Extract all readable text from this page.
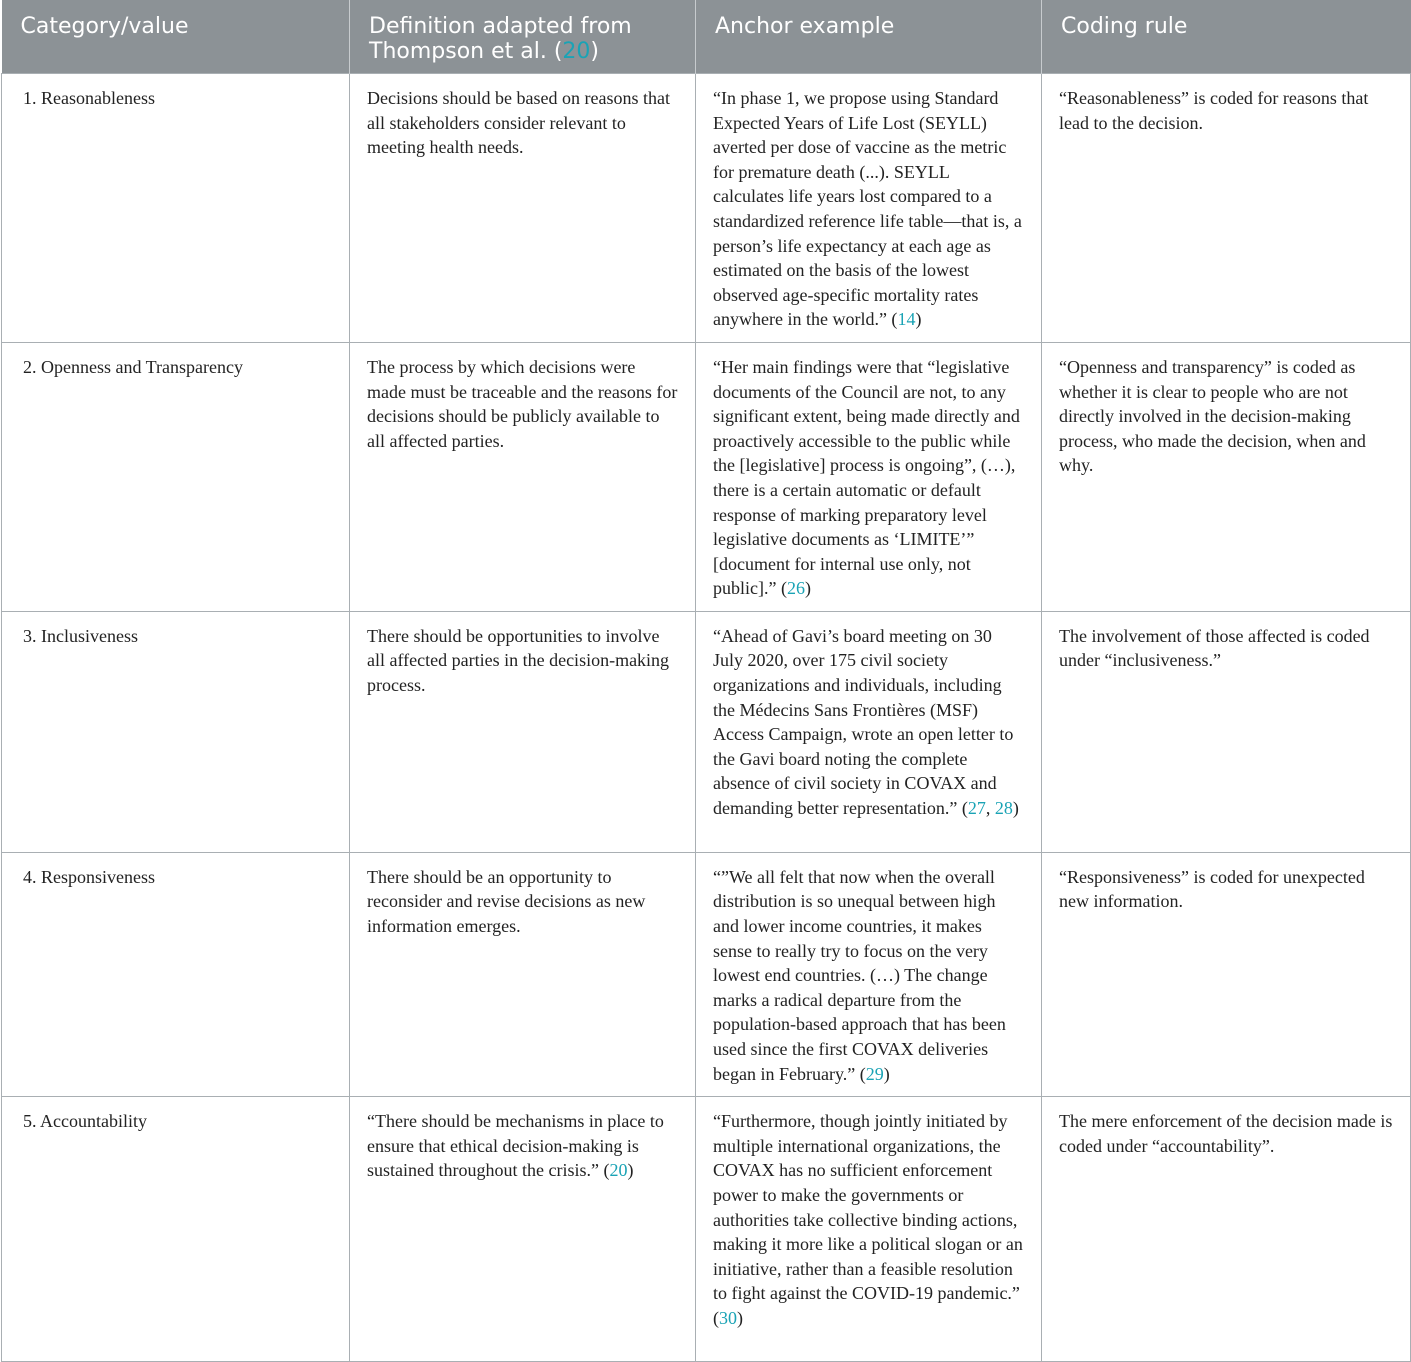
Category/value	Definition adapted from Thompson et al. (20)	Anchor example	Coding rule
1. Reasonableness	Decisions should be based on reasons that all stakeholders consider relevant to meeting health needs.	“In phase 1, we propose using Standard Expected Years of Life Lost (SEYLL) averted per dose of vaccine as the metric for premature death (...). SEYLL calculates life years lost compared to a standardized reference life table—that is, a person’s life expectancy at each age as estimated on the basis of the lowest observed age-specific mortality rates anywhere in the world.” (14)	“Reasonableness” is coded for reasons that lead to the decision.
2. Openness and Transparency	The process by which decisions were made must be traceable and the reasons for decisions should be publicly available to all affected parties.	“Her main findings were that “legislative documents of the Council are not, to any significant extent, being made directly and proactively accessible to the public while the [legislative] process is ongoing”, (…), there is a certain automatic or default response of marking preparatory level legislative documents as ‘LIMITE’” [document for internal use only, not public].” (26)	“Openness and transparency” is coded as whether it is clear to people who are not directly involved in the decision-making process, who made the decision, when and why.
3. Inclusiveness	There should be opportunities to involve all affected parties in the decision-making process.	“Ahead of Gavi’s board meeting on 30 July 2020, over 175 civil society organizations and individuals, including the Médecins Sans Frontières (MSF) Access Campaign, wrote an open letter to the Gavi board noting the complete absence of civil society in COVAX and demanding better representation.” (27, 28)	The involvement of those affected is coded under “inclusiveness.”
4. Responsiveness	There should be an opportunity to reconsider and revise decisions as new information emerges.	“”We all felt that now when the overall distribution is so unequal between high and lower income countries, it makes sense to really try to focus on the very lowest end countries. (…) The change marks a radical departure from the population-based approach that has been used since the first COVAX deliveries began in February.” (29)	“Responsiveness” is coded for unexpected new information.
5. Accountability	“There should be mechanisms in place to ensure that ethical decision-making is sustained throughout the crisis.” (20)	“Furthermore, though jointly initiated by multiple international organizations, the COVAX has no sufficient enforcement power to make the governments or authorities take collective binding actions, making it more like a political slogan or an initiative, rather than a feasible resolution to fight against the COVID-19 pandemic.” (30)	The mere enforcement of the decision made is coded under “accountability”.
